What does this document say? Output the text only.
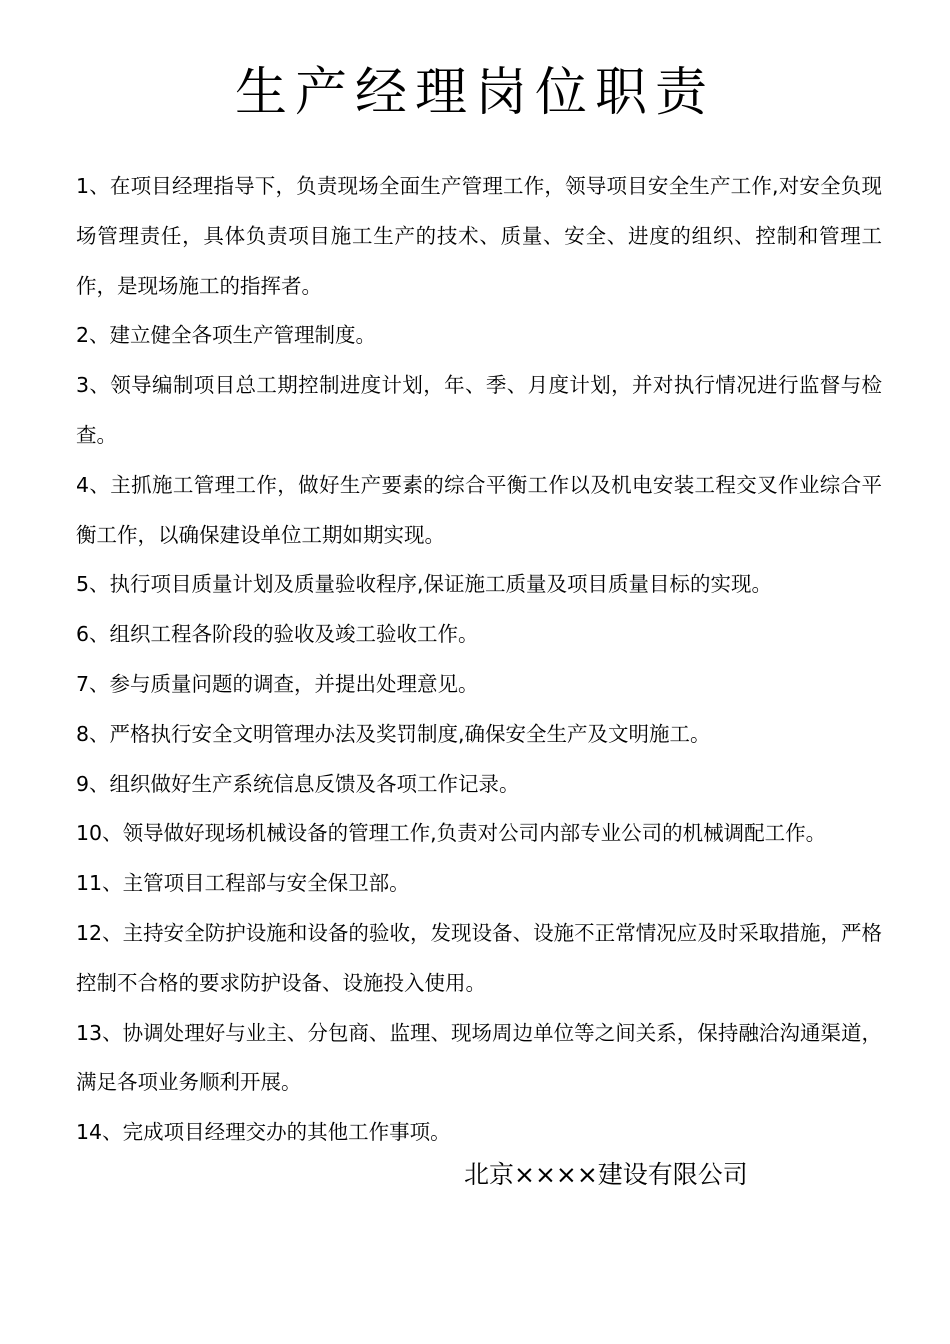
生产经理岗位职责

1、在项目经理指导下，负责现场全面生产管理工作，领导项目安全生产工作,对安全负现场管理责任，具体负责项目施工生产的技术、质量、安全、进度的组织、控制和管理工作，是现场施工的指挥者。

2、建立健全各项生产管理制度。

3、领导编制项目总工期控制进度计划，年、季、月度计划，并对执行情况进行监督与检查。

4、主抓施工管理工作，做好生产要素的综合平衡工作以及机电安装工程交叉作业综合平衡工作，以确保建设单位工期如期实现。

5、执行项目质量计划及质量验收程序,保证施工质量及项目质量目标的实现。

6、组织工程各阶段的验收及竣工验收工作。

7、参与质量问题的调查，并提出处理意见。

8、严格执行安全文明管理办法及奖罚制度,确保安全生产及文明施工。

9、组织做好生产系统信息反馈及各项工作记录。

10、领导做好现场机械设备的管理工作,负责对公司内部专业公司的机械调配工作。

11、主管项目工程部与安全保卫部。

12、主持安全防护设施和设备的验收，发现设备、设施不正常情况应及时采取措施，严格控制不合格的要求防护设备、设施投入使用。

13、协调处理好与业主、分包商、监理、现场周边单位等之间关系，保持融洽沟通渠道，满足各项业务顺利开展。

14、完成项目经理交办的其他工作事项。

北京××××建设有限公司
